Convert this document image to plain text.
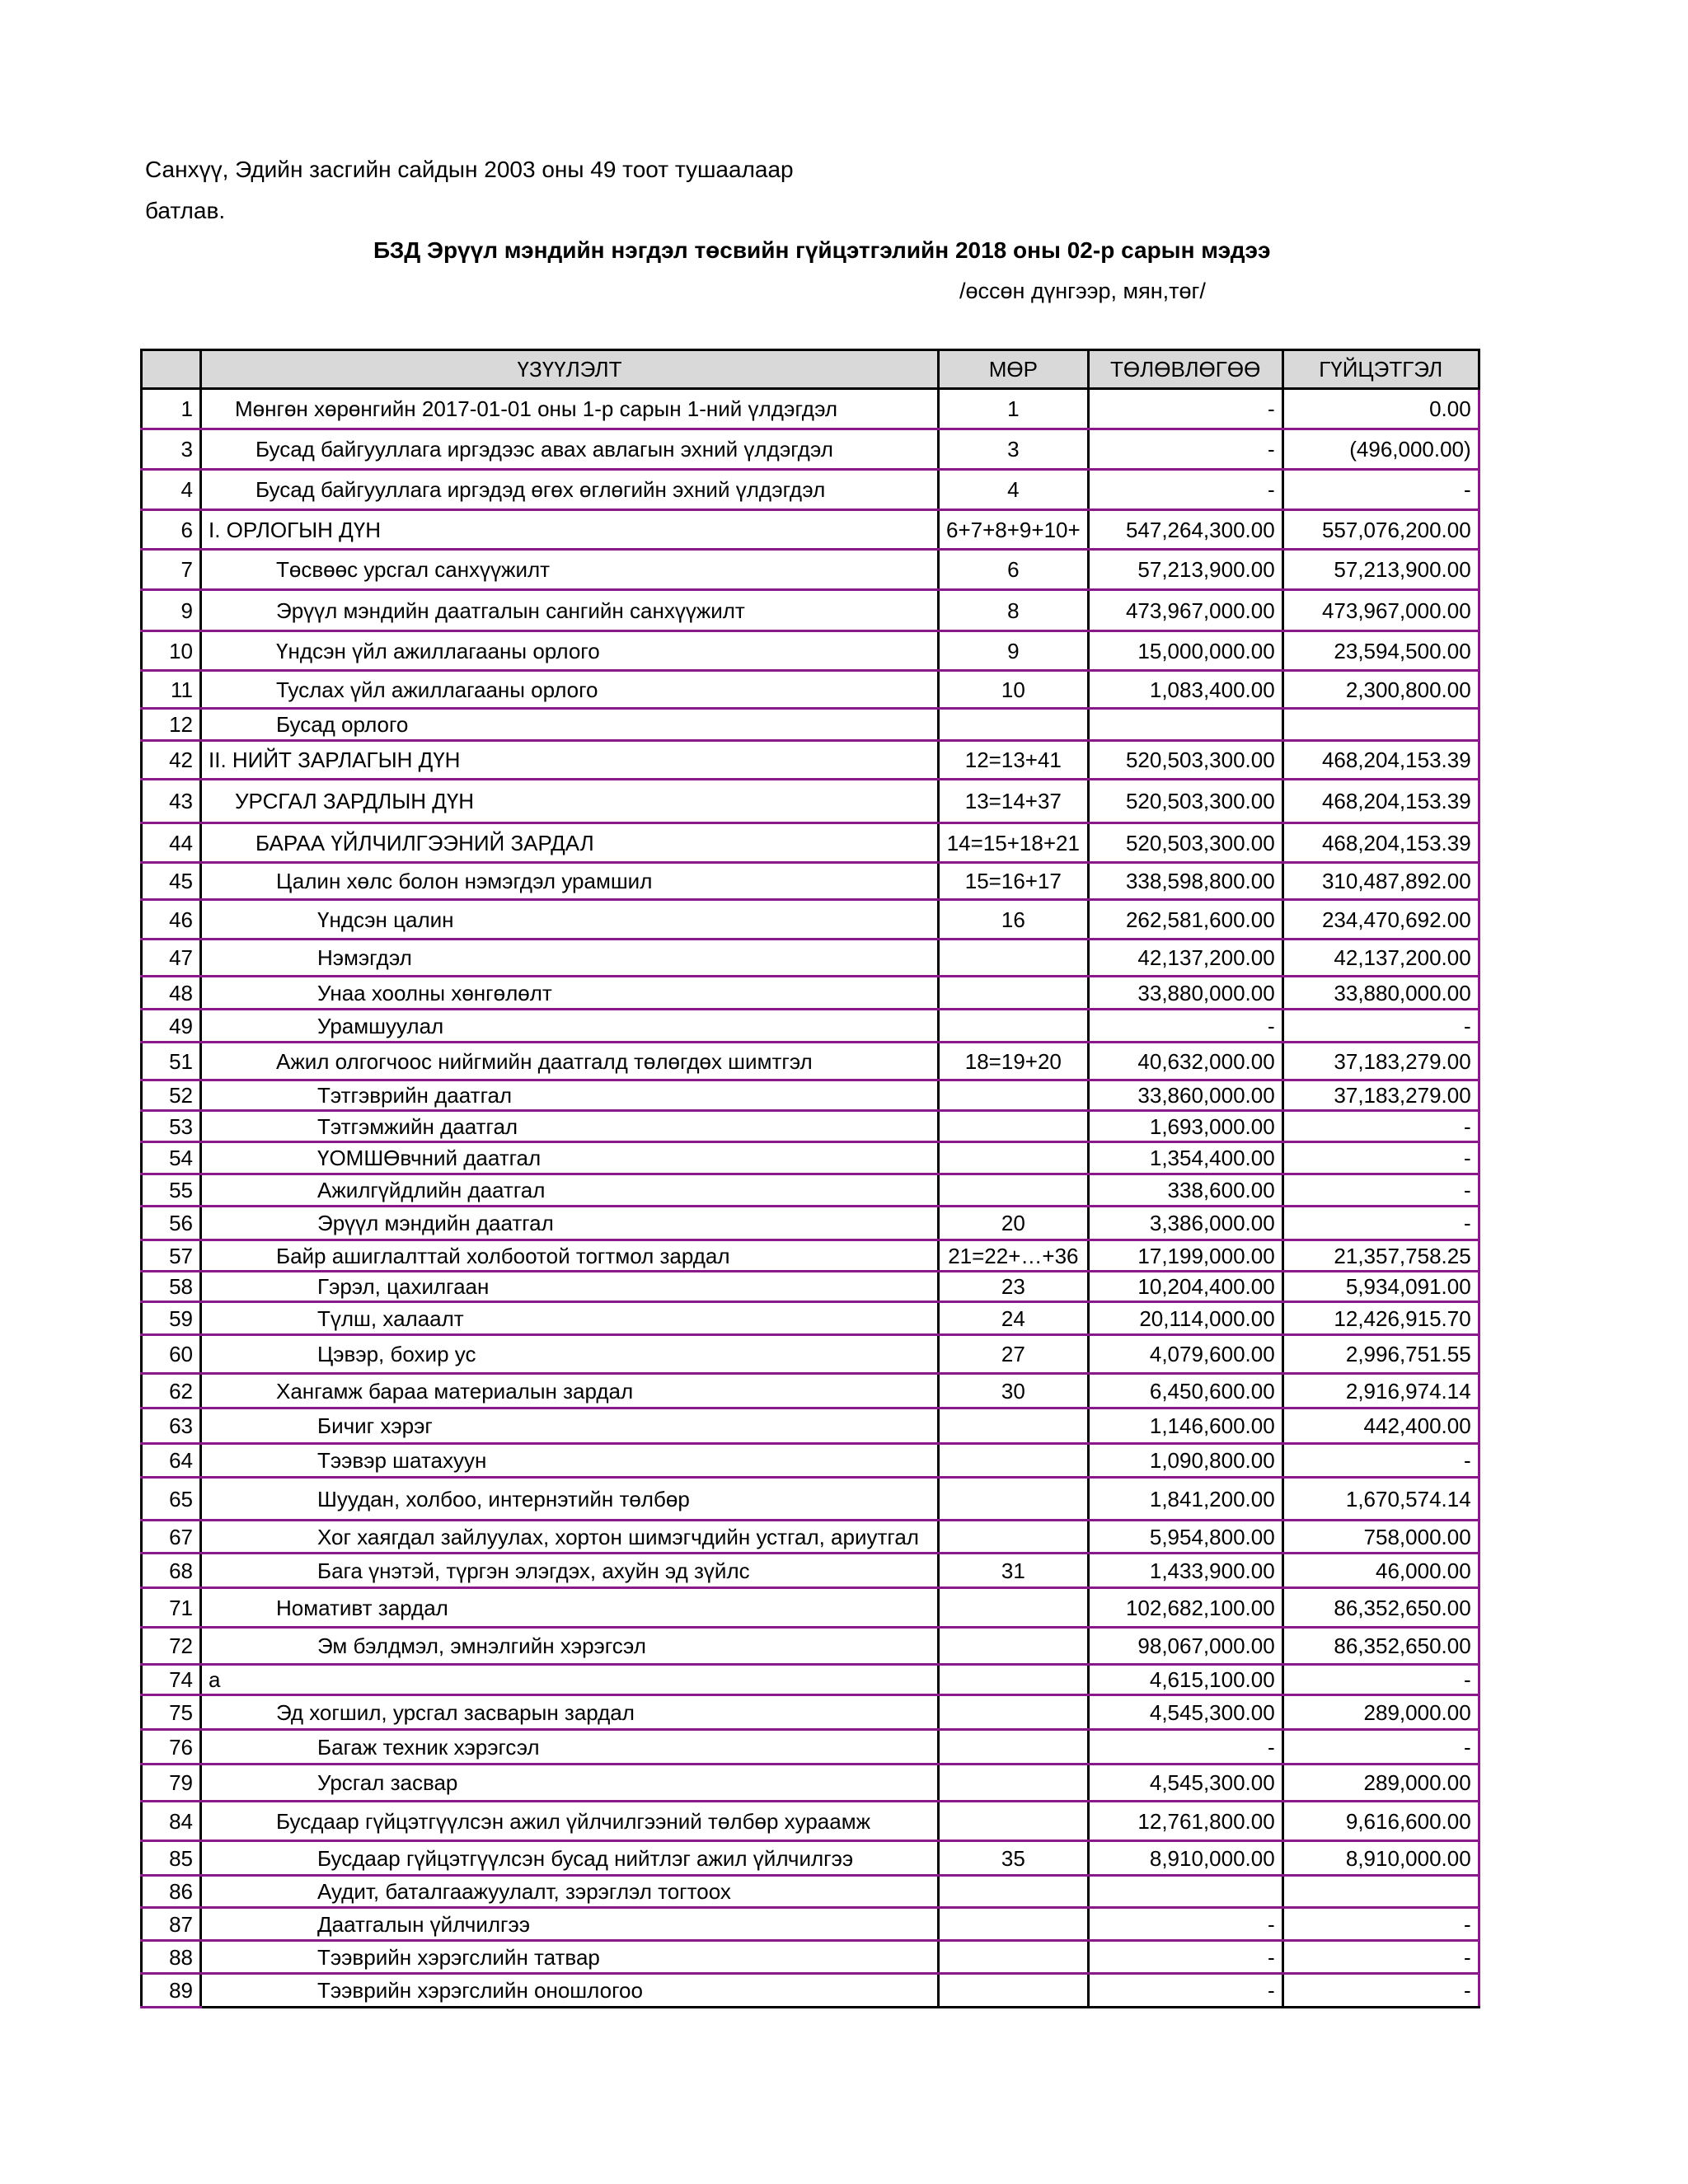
Санхүү, Эдийн засгийн сайдын 2003 оны 49 тоот тушаалаар
батлав.
БЗД Эрүүл мэндийн нэгдэл төсвийн гүйцэтгэлийн 2018 оны 02-р сарын мэдээ
/өссөн дүнгээр, мян,төг/
	ҮЗҮҮЛЭЛТ	МӨР	ТӨЛӨВЛӨГӨӨ	ГҮЙЦЭТГЭЛ
1	Мөнгөн хөрөнгийн 2017-01-01 оны 1-р сарын 1-ний үлдэгдэл	1	-	0.00
3	Бусад байгууллага иргэдээс авах авлагын эхний үлдэгдэл	3	-	(496,000.00)
4	Бусад байгууллага иргэдэд өгөх өглөгийн эхний үлдэгдэл	4	-	-
6	I. ОРЛОГЫН ДҮН	6+7+8+9+10+	547,264,300.00	557,076,200.00
7	Төсвөөс урсгал санхүүжилт	6	57,213,900.00	57,213,900.00
9	Эрүүл мэндийн даатгалын сангийн санхүүжилт	8	473,967,000.00	473,967,000.00
10	Үндсэн үйл ажиллагааны орлого	9	15,000,000.00	23,594,500.00
11	Туслах үйл ажиллагааны орлого	10	1,083,400.00	2,300,800.00
12	Бусад орлого			
42	II. НИЙТ ЗАРЛАГЫН ДҮН	12=13+41	520,503,300.00	468,204,153.39
43	УРСГАЛ ЗАРДЛЫН ДҮН	13=14+37	520,503,300.00	468,204,153.39
44	БАРАА ҮЙЛЧИЛГЭЭНИЙ ЗАРДАЛ	14=15+18+21	520,503,300.00	468,204,153.39
45	Цалин хөлс болон нэмэгдэл урамшил	15=16+17	338,598,800.00	310,487,892.00
46	Үндсэн цалин	16	262,581,600.00	234,470,692.00
47	Нэмэгдэл		42,137,200.00	42,137,200.00
48	Унаа хоолны хөнгөлөлт		33,880,000.00	33,880,000.00
49	Урамшуулал		-	-
51	Ажил олгогчоос нийгмийн даатгалд төлөгдөх шимтгэл	18=19+20	40,632,000.00	37,183,279.00
52	Тэтгэврийн даатгал		33,860,000.00	37,183,279.00
53	Тэтгэмжийн даатгал		1,693,000.00	-
54	ҮОМШӨвчний даатгал		1,354,400.00	-
55	Ажилгүйдлийн даатгал		338,600.00	-
56	Эрүүл мэндийн даатгал	20	3,386,000.00	-
57	Байр ашиглалттай холбоотой тогтмол зардал	21=22+…+36	17,199,000.00	21,357,758.25
58	Гэрэл, цахилгаан	23	10,204,400.00	5,934,091.00
59	Түлш, халаалт	24	20,114,000.00	12,426,915.70
60	Цэвэр, бохир ус	27	4,079,600.00	2,996,751.55
62	Хангамж бараа материалын зардал	30	6,450,600.00	2,916,974.14
63	Бичиг хэрэг		1,146,600.00	442,400.00
64	Тээвэр шатахуун		1,090,800.00	-
65	Шуудан, холбоо, интернэтийн төлбөр		1,841,200.00	1,670,574.14
67	Хог хаягдал зайлуулах, хортон шимэгчдийн устгал, ариутгал		5,954,800.00	758,000.00
68	Бага үнэтэй, түргэн элэгдэх, ахуйн эд зүйлс	31	1,433,900.00	46,000.00
71	Номативт зардал		102,682,100.00	86,352,650.00
72	Эм бэлдмэл, эмнэлгийн хэрэгсэл		98,067,000.00	86,352,650.00
74	а		4,615,100.00	-
75	Эд хогшил, урсгал засварын зардал		4,545,300.00	289,000.00
76	Багаж техник хэрэгсэл		-	-
79	Урсгал засвар		4,545,300.00	289,000.00
84	Бусдаар гүйцэтгүүлсэн ажил үйлчилгээний төлбөр хураамж		12,761,800.00	9,616,600.00
85	Бусдаар гүйцэтгүүлсэн бусад нийтлэг ажил үйлчилгээ	35	8,910,000.00	8,910,000.00
86	Аудит, баталгаажуулалт, зэрэглэл тогтоох			
87	Даатгалын үйлчилгээ		-	-
88	Тээврийн хэрэгслийн татвар		-	-
89	Тээврийн хэрэгслийн оношлогоо		-	-
